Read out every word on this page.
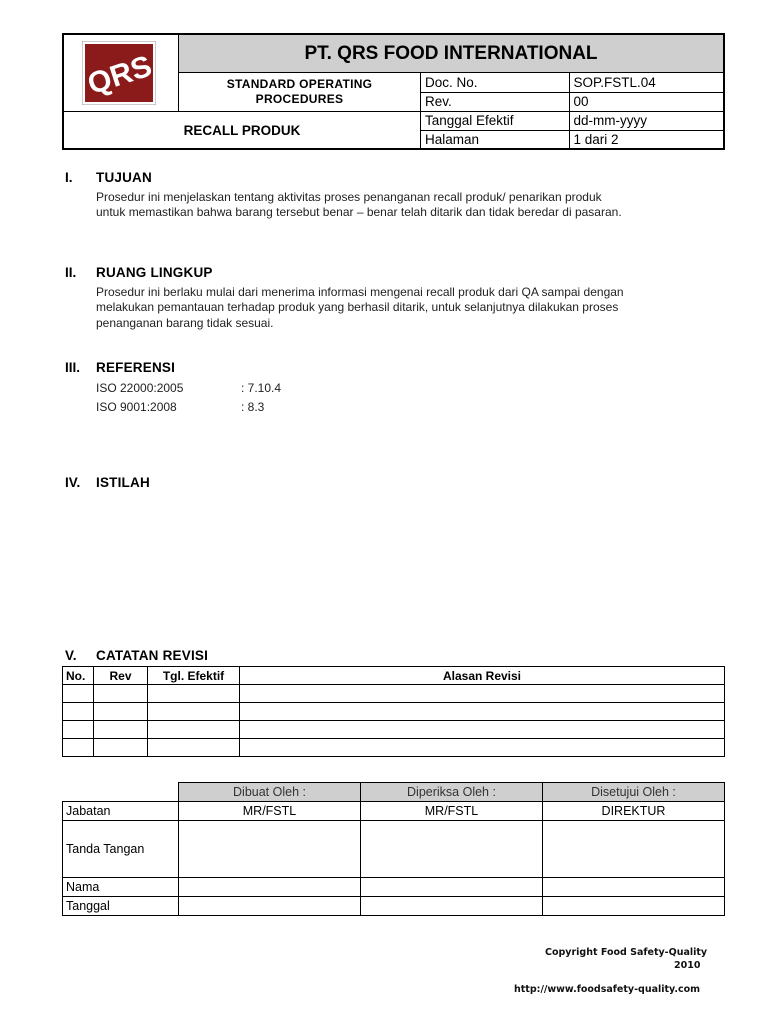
QRS	PT. QRS FOOD INTERNATIONAL
STANDARD OPERATING
PROCEDURES
RECALL PRODUK
Doc. No.	SOP.FSTL.04
Rev.	00
Tanggal Efektif	dd-mm-yyyy
Halaman	1 dari 2
I. TUJUAN
Prosedur ini menjelaskan tentang aktivitas proses penanganan recall produk/ penarikan produk
untuk memastikan bahwa barang tersebut benar – benar telah ditarik dan tidak beredar di pasaran.
II. RUANG LINGKUP
Prosedur ini berlaku mulai dari menerima informasi mengenai recall produk dari QA sampai dengan
melakukan pemantauan terhadap produk yang berhasil ditarik, untuk selanjutnya dilakukan proses
penanganan barang tidak sesuai.
III. REFERENSI
ISO 22000:2005	: 7.10.4
ISO 9001:2008	: 8.3
IV. ISTILAH
V. CATATAN REVISI
No.	Rev	Tgl. Efektif	Alasan Revisi

	Dibuat Oleh :	Diperiksa Oleh :	Disetujui Oleh :
Jabatan	MR/FSTL	MR/FSTL	DIREKTUR
Tanda Tangan			
Nama			
Tanggal			
Copyright Food Safety-Quality
2010
http://www.foodsafety-quality.com
